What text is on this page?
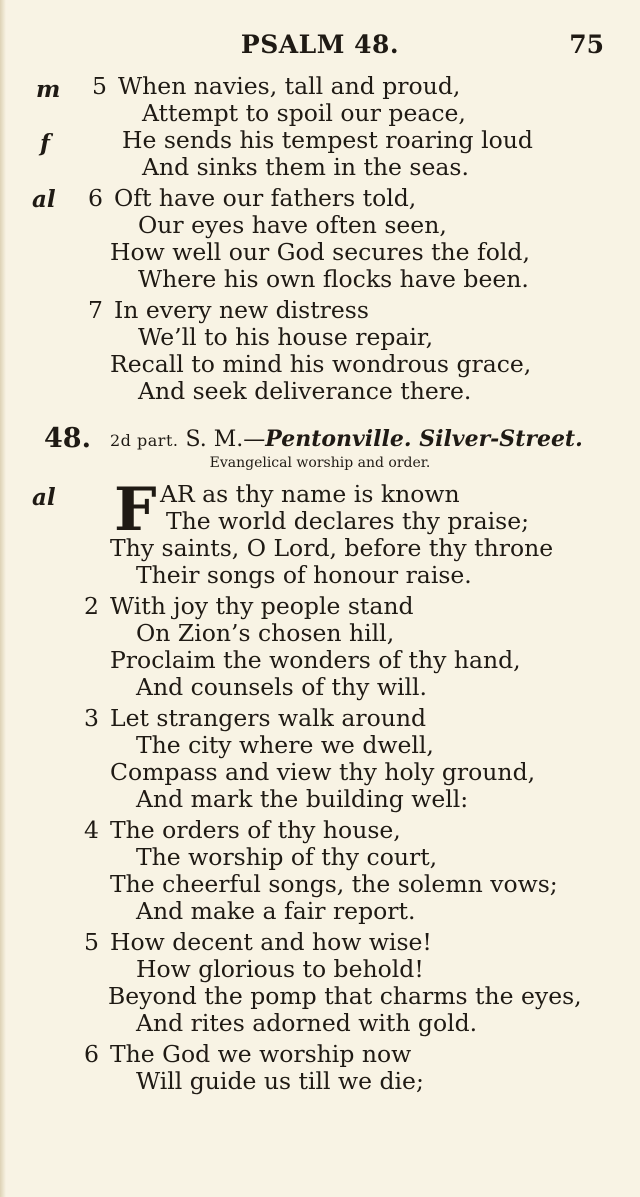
PSALM 48.	75
m 5 When navies, tall and proud,
Attempt to spoil our peace,
f	He sends his tempest roaring loud
And sinks them in the seas.
al 6 Oft have our fathers told,
Our eyes have often seen,
How well our God secures the fold,
Where his own flocks have been.
7 In every new distress
We’ll to his house repair,
Recall to mind his wondrous grace,
And seek deliverance there.
48. 2d part. S. M.—Pentonville. Silver-Street.
Evangelical worship and order.
al F AR as thy name is known
The world declares thy praise;
Thy saints, O Lord, before thy throne
Their songs of honour raise.
2 With joy thy people stand
On Zion’s chosen hill,
Proclaim the wonders of thy hand,
And counsels of thy will.
3 Let strangers walk around
The city where we dwell,
Compass and view thy holy ground,
And mark the building well:
4 The orders of thy house,
The worship of thy court,
The cheerful songs, the solemn vows;
And make a fair report.
5 How decent and how wise!
How glorious to behold!
Beyond the pomp that charms the eyes,
And rites adorned with gold.
6 The God we worship now
Will guide us till we die;
